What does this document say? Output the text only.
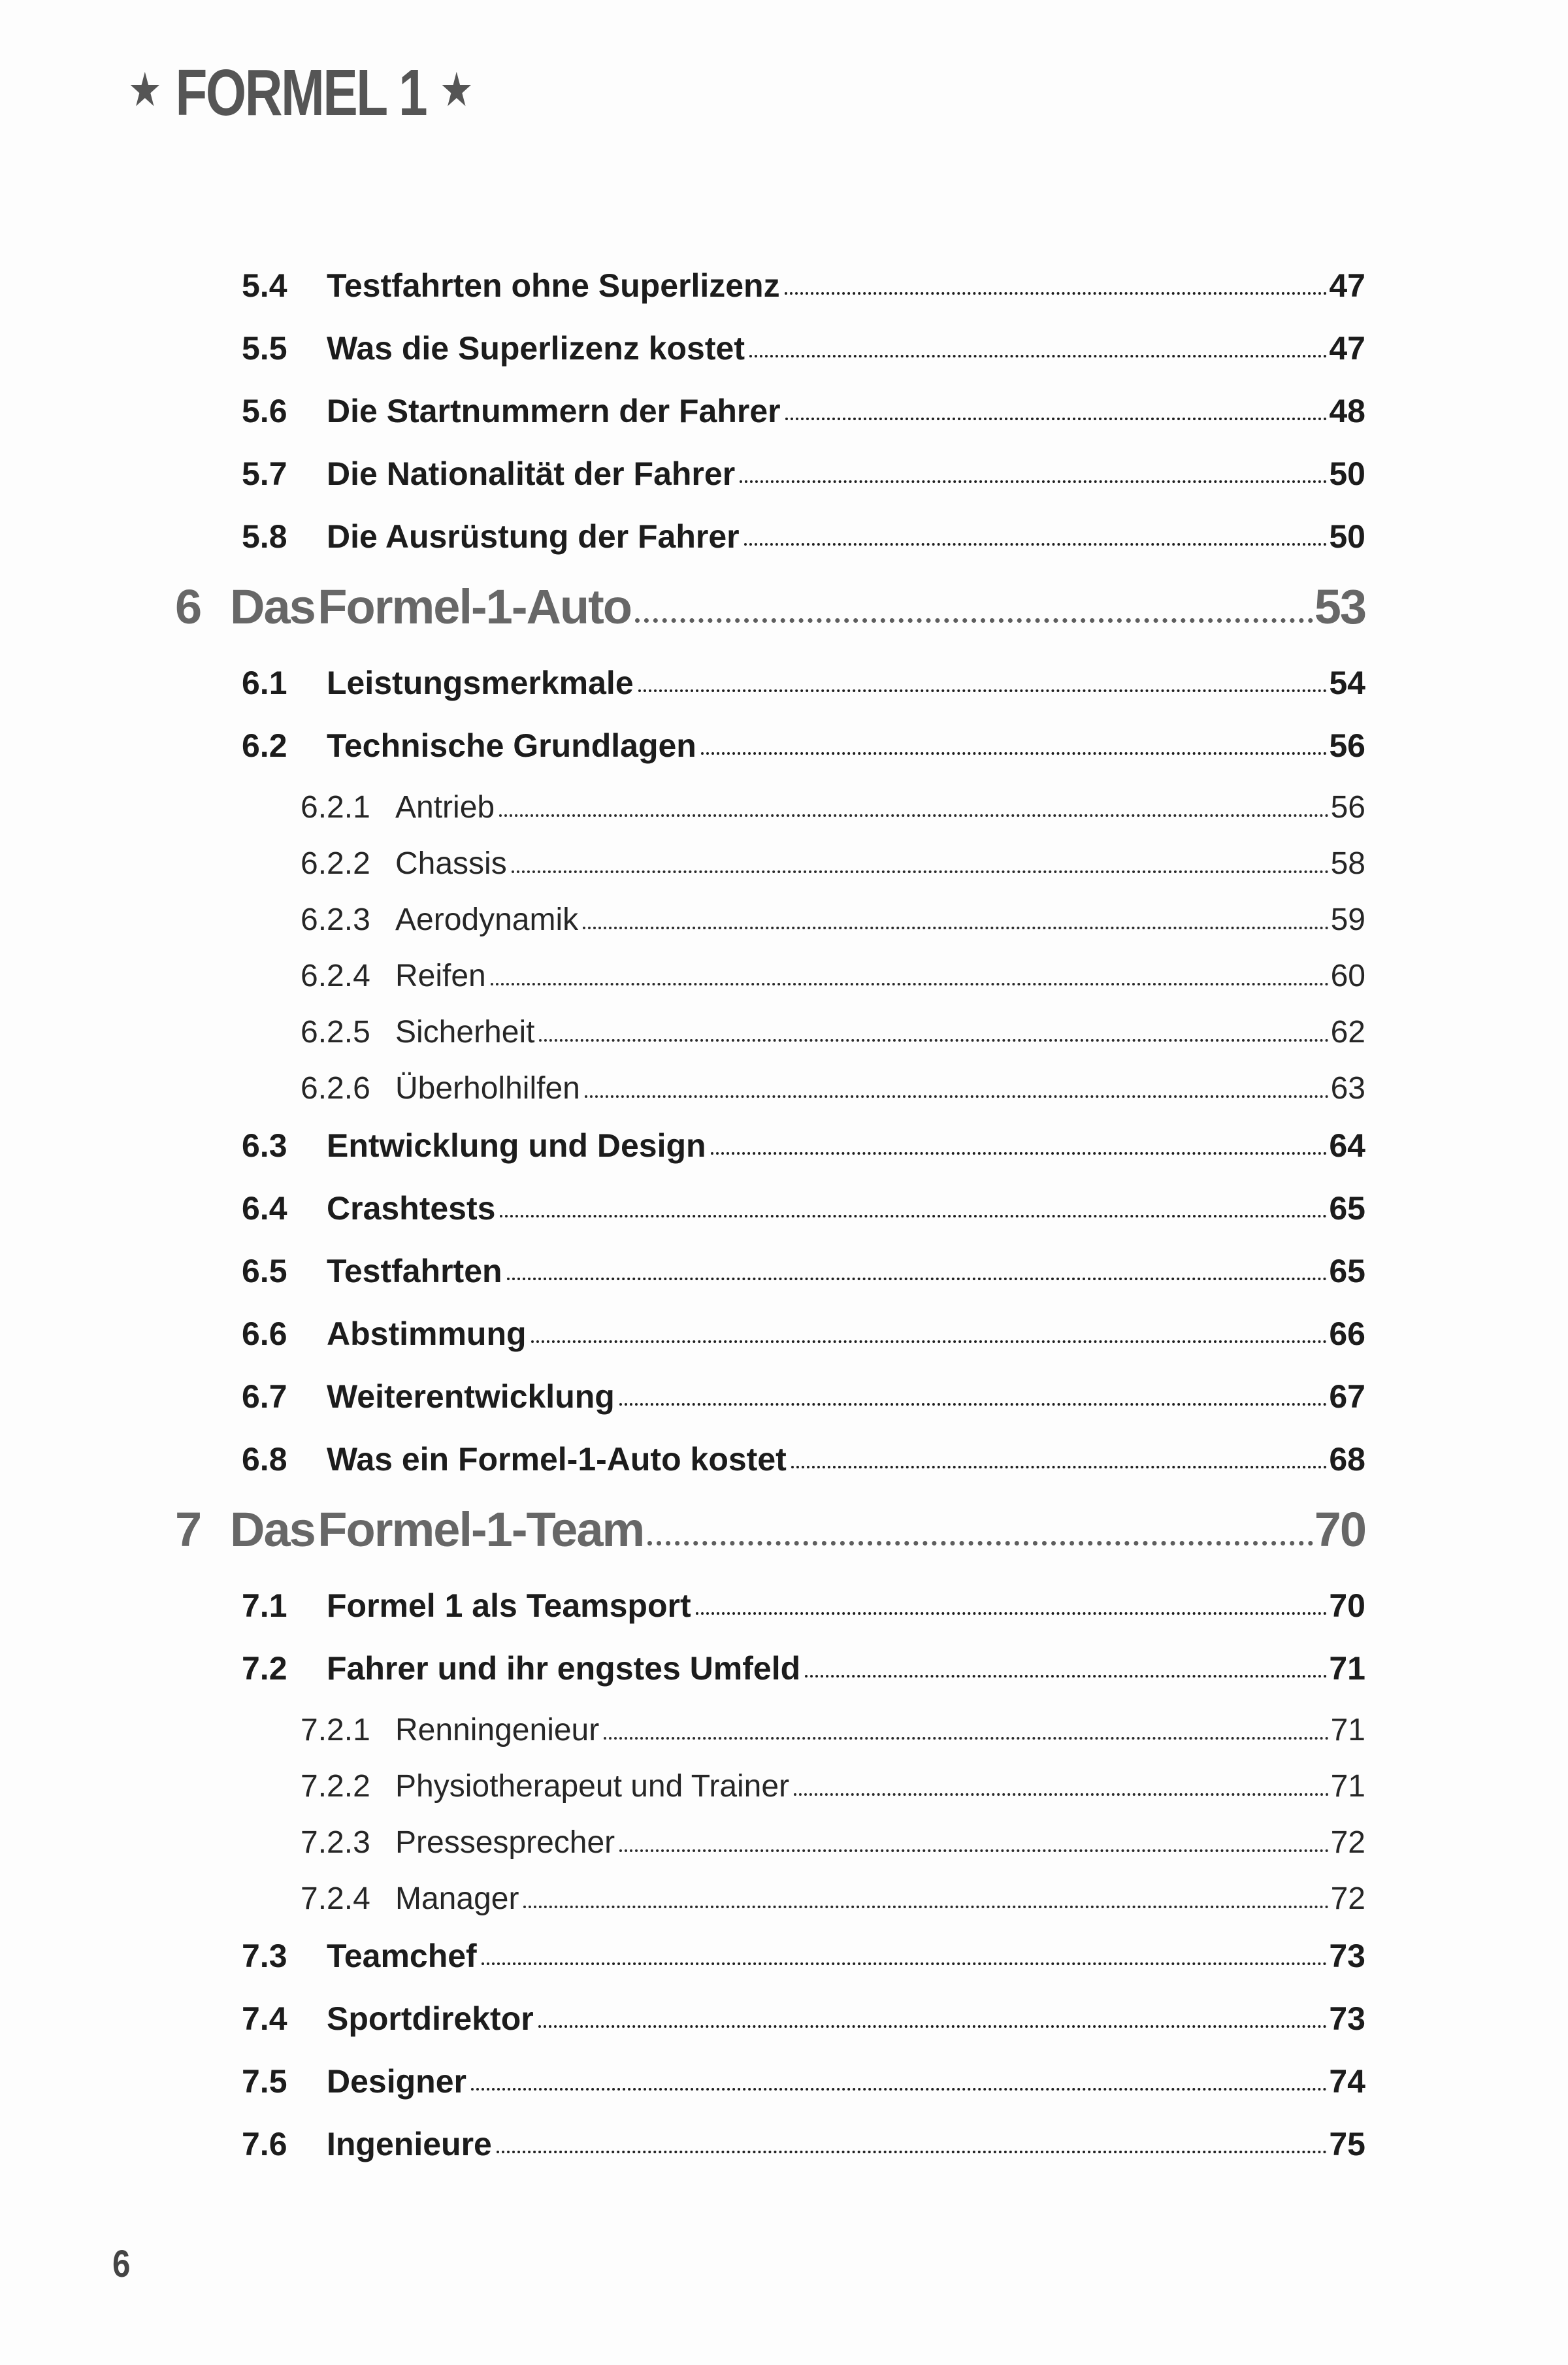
★ FORMEL 1 ★
5.4	Testfahrten ohne Superlizenz	47
5.5	Was die Superlizenz kostet	47
5.6	Die Startnummern der Fahrer	48
5.7	Die Nationalität der Fahrer	50
5.8	Die Ausrüstung der Fahrer	50
6 Das Formel-1-Auto	53
6.1	Leistungsmerkmale	54
6.2	Technische Grundlagen	56
6.2.1 Antrieb	56
6.2.2 Chassis	58
6.2.3 Aerodynamik	59
6.2.4 Reifen	60
6.2.5 Sicherheit	62
6.2.6 Überholhilfen	63
6.3	Entwicklung und Design	64
6.4	Crashtests	65
6.5	Testfahrten	65
6.6	Abstimmung	66
6.7	Weiterentwicklung	67
6.8	Was ein Formel-1-Auto kostet	68
7 Das Formel-1-Team	70
7.1	Formel 1 als Teamsport	70
7.2	Fahrer und ihr engstes Umfeld	71
7.2.1 Renningenieur	71
7.2.2 Physiotherapeut und Trainer	71
7.2.3 Pressesprecher	72
7.2.4 Manager	72
7.3	Teamchef	73
7.4	Sportdirektor	73
7.5	Designer	74
7.6	Ingenieure	75
6
